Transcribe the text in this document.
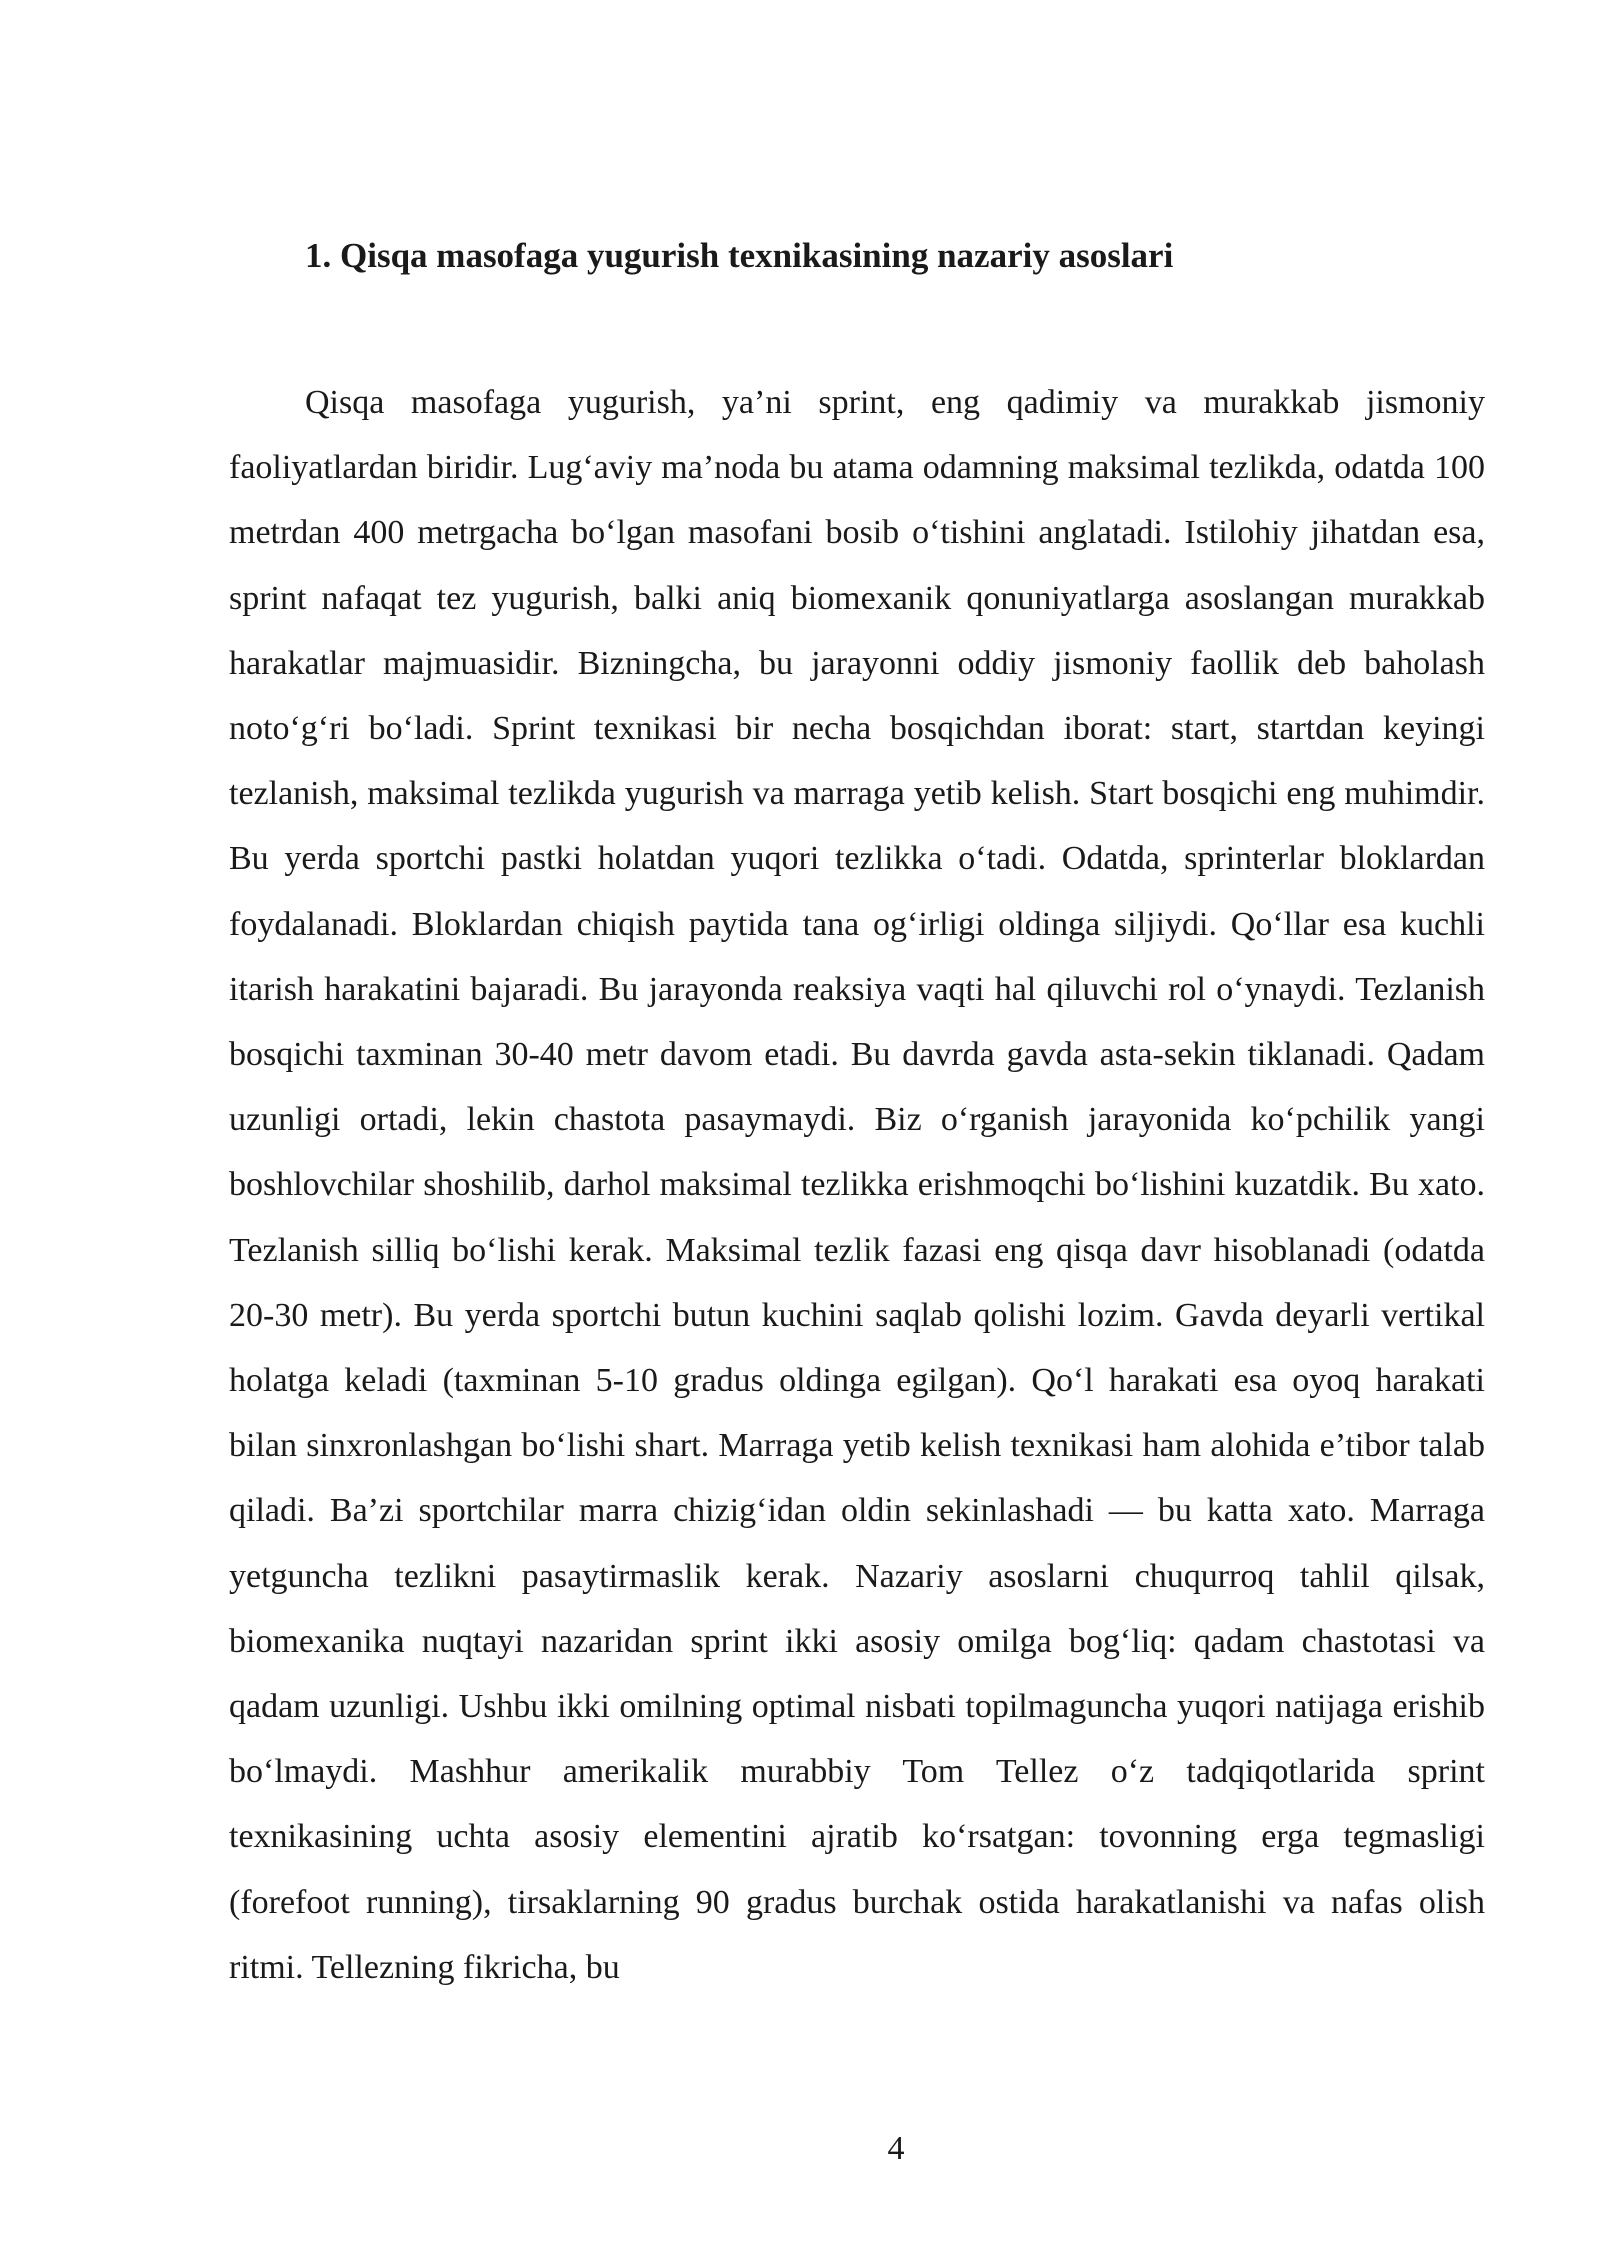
1. Qisqa masofaga yugurish texnikasining nazariy asoslari

Qisqa masofaga yugurish, ya’ni sprint, eng qadimiy va murakkab jismoniy faoliyatlardan biridir. Lug‘aviy ma’noda bu atama odamning maksimal tezlikda, odatda 100 metrdan 400 metrgacha bo‘lgan masofani bosib o‘tishini anglatadi. Istilohiy jihatdan esa, sprint nafaqat tez yugurish, balki aniq biomexanik qonuniyatlarga asoslangan murakkab harakatlar majmuasidir. Bizningcha, bu jarayonni oddiy jismoniy faollik deb baholash noto‘g‘ri bo‘ladi. Sprint texnikasi bir necha bosqichdan iborat: start, startdan keyingi tezlanish, maksimal tezlikda yugurish va marraga yetib kelish. Start bosqichi eng muhimdir. Bu yerda sportchi pastki holatdan yuqori tezlikka o‘tadi. Odatda, sprinterlar bloklardan foydalanadi. Bloklardan chiqish paytida tana og‘irligi oldinga siljiydi. Qo‘llar esa kuchli itarish harakatini bajaradi. Bu jarayonda reaksiya vaqti hal qiluvchi rol o‘ynaydi. Tezlanish bosqichi taxminan 30-40 metr davom etadi. Bu davrda gavda asta-sekin tiklanadi. Qadam uzunligi ortadi, lekin chastota pasaymaydi. Biz o‘rganish jarayonida ko‘pchilik yangi boshlovchilar shoshilib, darhol maksimal tezlikka erishmoqchi bo‘lishini kuzatdik. Bu xato. Tezlanish silliq bo‘lishi kerak. Maksimal tezlik fazasi eng qisqa davr hisoblanadi (odatda 20-30 metr). Bu yerda sportchi butun kuchini saqlab qolishi lozim. Gavda deyarli vertikal holatga keladi (taxminan 5-10 gradus oldinga egilgan). Qo‘l harakati esa oyoq harakati bilan sinxronlashgan bo‘lishi shart. Marraga yetib kelish texnikasi ham alohida e’tibor talab qiladi. Ba’zi sportchilar marra chizig‘idan oldin sekinlashadi — bu katta xato. Marraga yetguncha tezlikni pasaytirmaslik kerak. Nazariy asoslarni chuqurroq tahlil qilsak, biomexanika nuqtayi nazaridan sprint ikki asosiy omilga bog‘liq: qadam chastotasi va qadam uzunligi. Ushbu ikki omilning optimal nisbati topilmaguncha yuqori natijaga erishib bo‘lmaydi. Mashhur amerikalik murabbiy Tom Tellez o‘z tadqiqotlarida sprint texnikasining uchta asosiy elementini ajratib ko‘rsatgan: tovonning erga tegmasligi (forefoot running), tirsaklarning 90 gradus burchak ostida harakatlanishi va nafas olish ritmi. Tellezning fikricha, bu

4
